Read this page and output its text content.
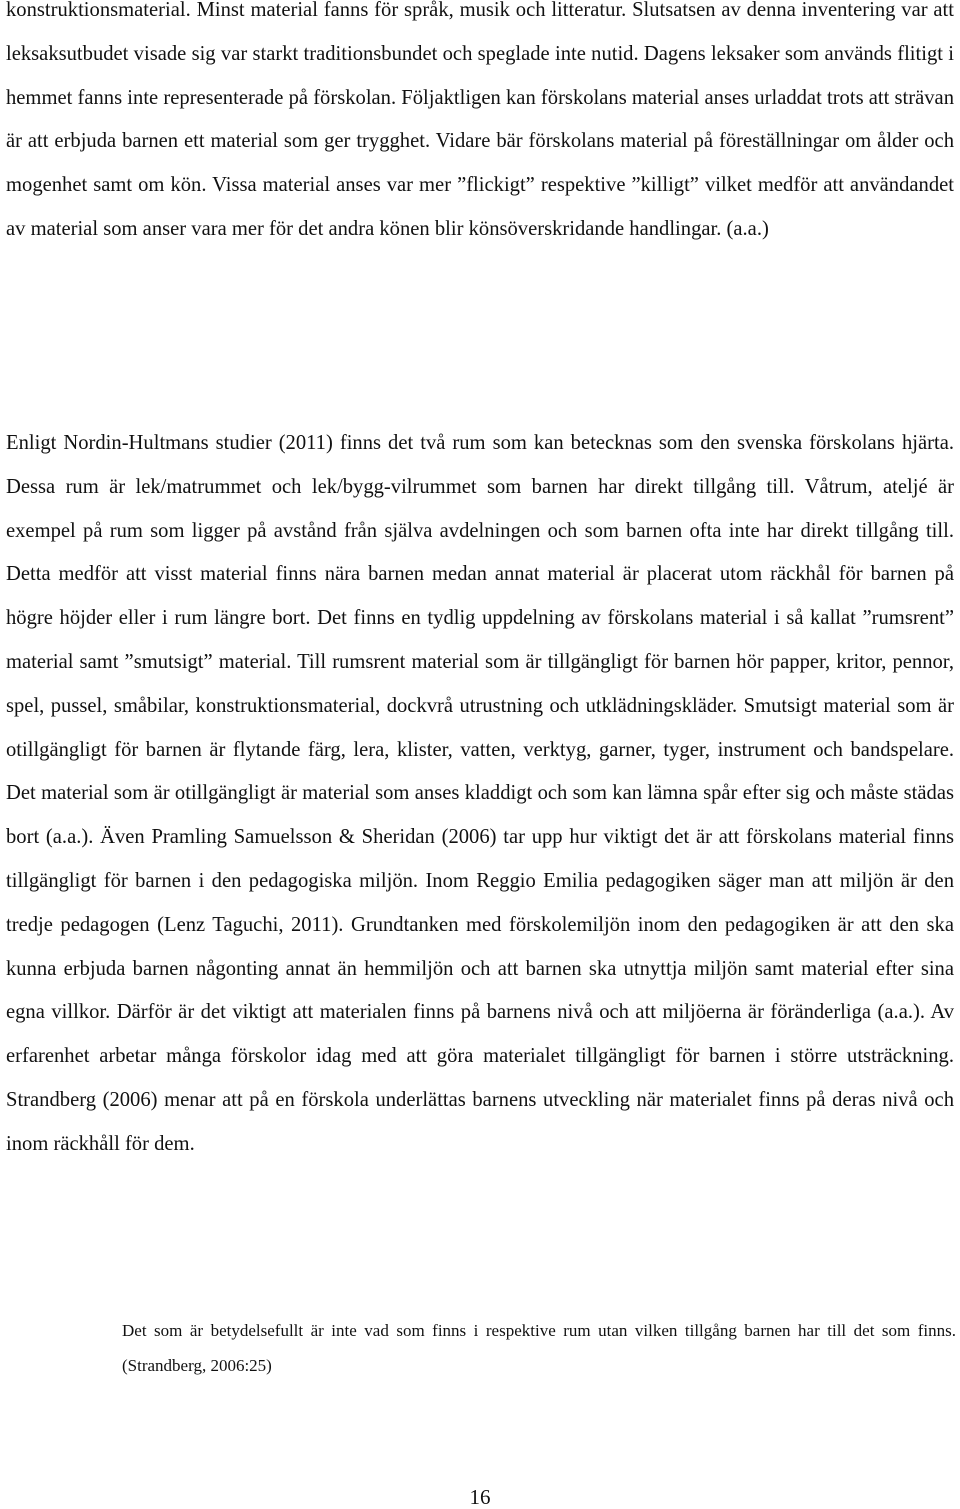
konstruktionsmaterial. Minst material fanns för språk, musik och litteratur. Slutsatsen av denna inventering var att leksaksutbudet visade sig var starkt traditionsbundet och speglade inte nutid. Dagens leksaker som används flitigt i hemmet fanns inte representerade på förskolan. Följaktligen kan förskolans material anses urladdat trots att strävan är att erbjuda barnen ett material som ger trygghet. Vidare bär förskolans material på föreställningar om ålder och mogenhet samt om kön. Vissa material anses var mer ”flickigt” respektive ”killigt” vilket medför att användandet av material som anser vara mer för det andra könen blir könsöverskridande handlingar. (a.a.)

Enligt Nordin-Hultmans studier (2011) finns det två rum som kan betecknas som den svenska förskolans hjärta. Dessa rum är lek/matrummet och lek/bygg-vilrummet som barnen har direkt tillgång till. Våtrum, ateljé är exempel på rum som ligger på avstånd från själva avdelningen och som barnen ofta inte har direkt tillgång till. Detta medför att visst material finns nära barnen medan annat material är placerat utom räckhål för barnen på högre höjder eller i rum längre bort. Det finns en tydlig uppdelning av förskolans material i så kallat ”rumsrent” material samt ”smutsigt” material. Till rumsrent material som är tillgängligt för barnen hör papper, kritor, pennor, spel, pussel, småbilar, konstruktionsmaterial, dockvrå utrustning och utklädningskläder. Smutsigt material som är otillgängligt för barnen är flytande färg, lera, klister, vatten, verktyg, garner, tyger, instrument och bandspelare. Det material som är otillgängligt är material som anses kladdigt och som kan lämna spår efter sig och måste städas bort (a.a.). Även Pramling Samuelsson & Sheridan (2006) tar upp hur viktigt det är att förskolans material finns tillgängligt för barnen i den pedagogiska miljön. Inom Reggio Emilia pedagogiken säger man att miljön är den tredje pedagogen (Lenz Taguchi, 2011). Grundtanken med förskolemiljön inom den pedagogiken är att den ska kunna erbjuda barnen någonting annat än hemmiljön och att barnen ska utnyttja miljön samt material efter sina egna villkor. Därför är det viktigt att materialen finns på barnens nivå och att miljöerna är föränderliga (a.a.). Av erfarenhet arbetar många förskolor idag med att göra materialet tillgängligt för barnen i större utsträckning. Strandberg (2006) menar att på en förskola underlättas barnens utveckling när materialet finns på deras nivå och inom räckhåll för dem.

Det som är betydelsefullt är inte vad som finns i respektive rum utan vilken tillgång barnen har till det som finns. (Strandberg, 2006:25)

16
